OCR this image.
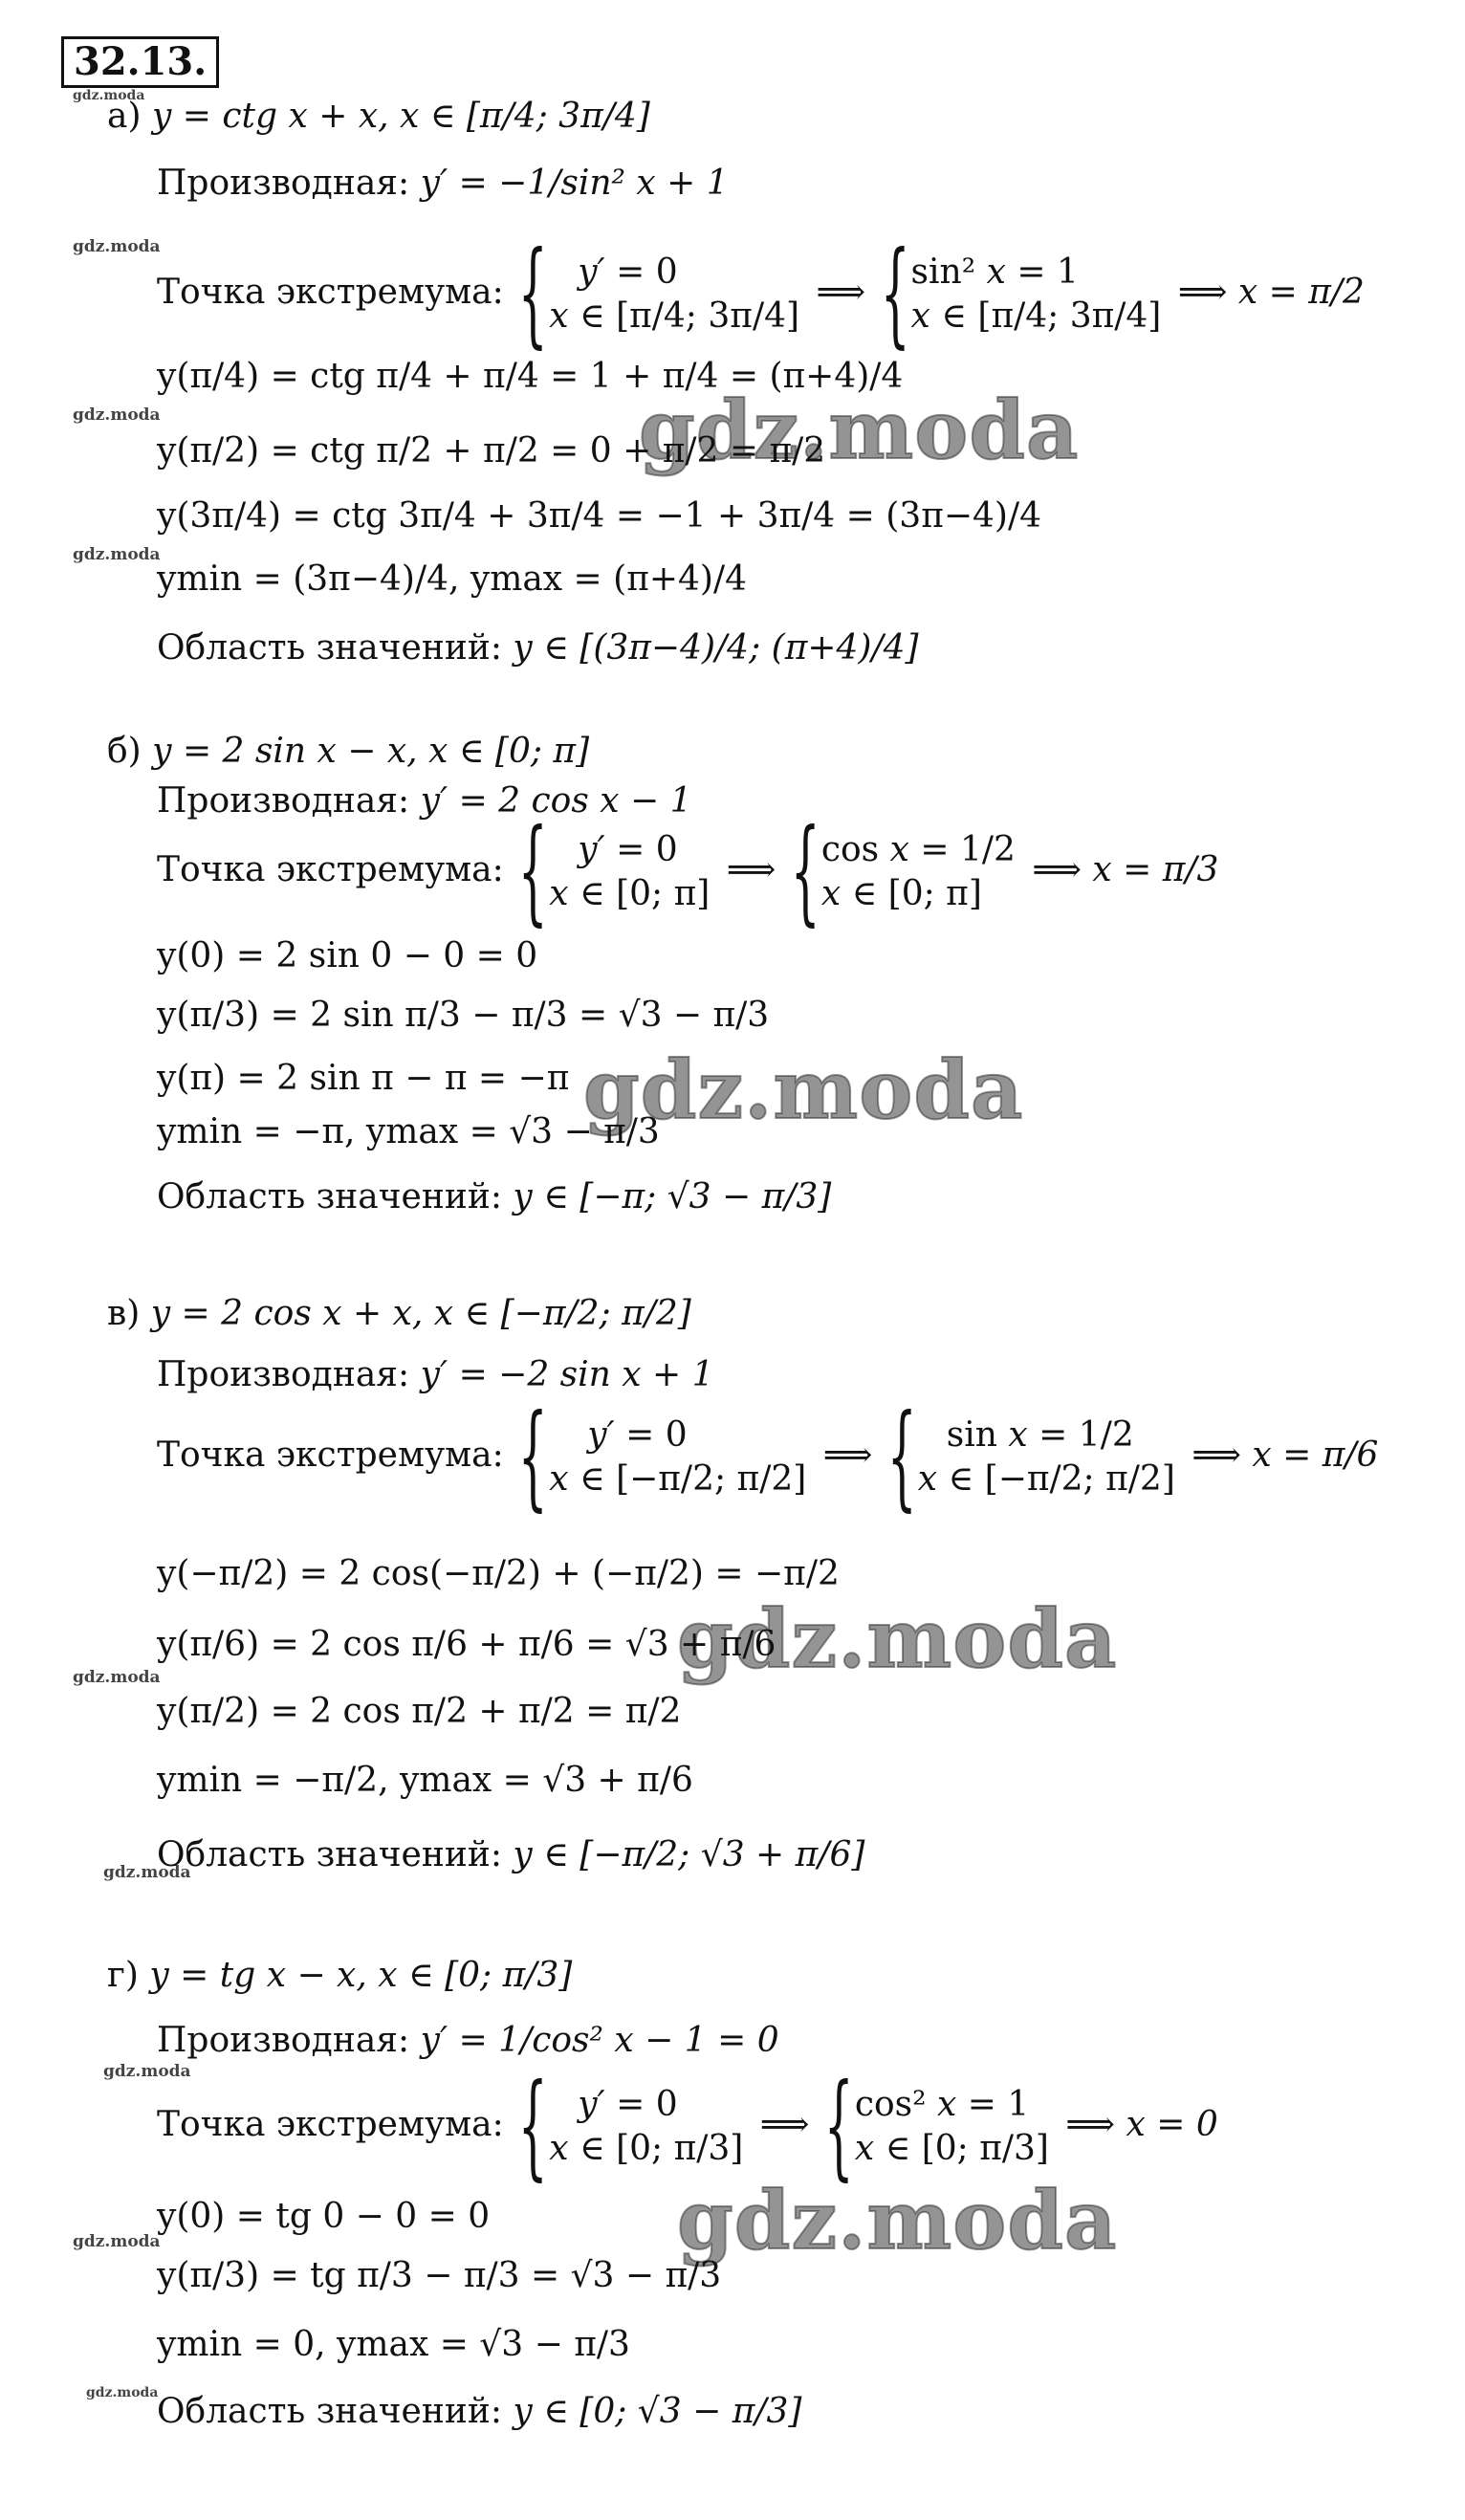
32.13.
gdz.moda
gdz.moda
gdz.moda
gdz.moda
gdz.moda
gdz.moda
gdz.moda
gdz.moda
gdz.moda
gdz.moda
gdz.moda
gdz.moda
gdz.moda
а) y = ctg x + x, x ∈ [π/4; 3π/4]
Производная: y′ = −1/sin² x + 1
Точка экстремума:
{ y′ = 0
x ∈ [π/4; 3π/4]
⟹
{ sin² x = 1
x ∈ [π/4; 3π/4]
⟹ x = π/2
y(π/4) = ctg π/4 + π/4 = 1 + π/4 = (π+4)/4
y(π/2) = ctg π/2 + π/2 = 0 + π/2 = π/2
y(3π/4) = ctg 3π/4 + 3π/4 = −1 + 3π/4 = (3π−4)/4
ymin = (3π−4)/4, ymax = (π+4)/4
Область значений: y ∈ [(3π−4)/4; (π+4)/4]
б) y = 2 sin x − x, x ∈ [0; π]
Производная: y′ = 2 cos x − 1
Точка экстремума:
{ y′ = 0
x ∈ [0; π]
⟹
{ cos x = 1/2
x ∈ [0; π]
⟹ x = π/3
y(0) = 2 sin 0 − 0 = 0
y(π/3) = 2 sin π/3 − π/3 = √3 − π/3
y(π) = 2 sin π − π = −π
ymin = −π, ymax = √3 − π/3
Область значений: y ∈ [−π; √3 − π/3]
в) y = 2 cos x + x, x ∈ [−π/2; π/2]
Производная: y′ = −2 sin x + 1
Точка экстремума:
{ y′ = 0
x ∈ [−π/2; π/2]
⟹
{ sin x = 1/2
x ∈ [−π/2; π/2]
⟹ x = π/6
y(−π/2) = 2 cos(−π/2) + (−π/2) = −π/2
y(π/6) = 2 cos π/6 + π/6 = √3 + π/6
y(π/2) = 2 cos π/2 + π/2 = π/2
ymin = −π/2, ymax = √3 + π/6
Область значений: y ∈ [−π/2; √3 + π/6]
г) y = tg x − x, x ∈ [0; π/3]
Производная: y′ = 1/cos² x − 1 = 0
Точка экстремума:
{ y′ = 0
x ∈ [0; π/3]
⟹
{ cos² x = 1
x ∈ [0; π/3]
⟹ x = 0
y(0) = tg 0 − 0 = 0
y(π/3) = tg π/3 − π/3 = √3 − π/3
ymin = 0, ymax = √3 − π/3
Область значений: y ∈ [0; √3 − π/3]
